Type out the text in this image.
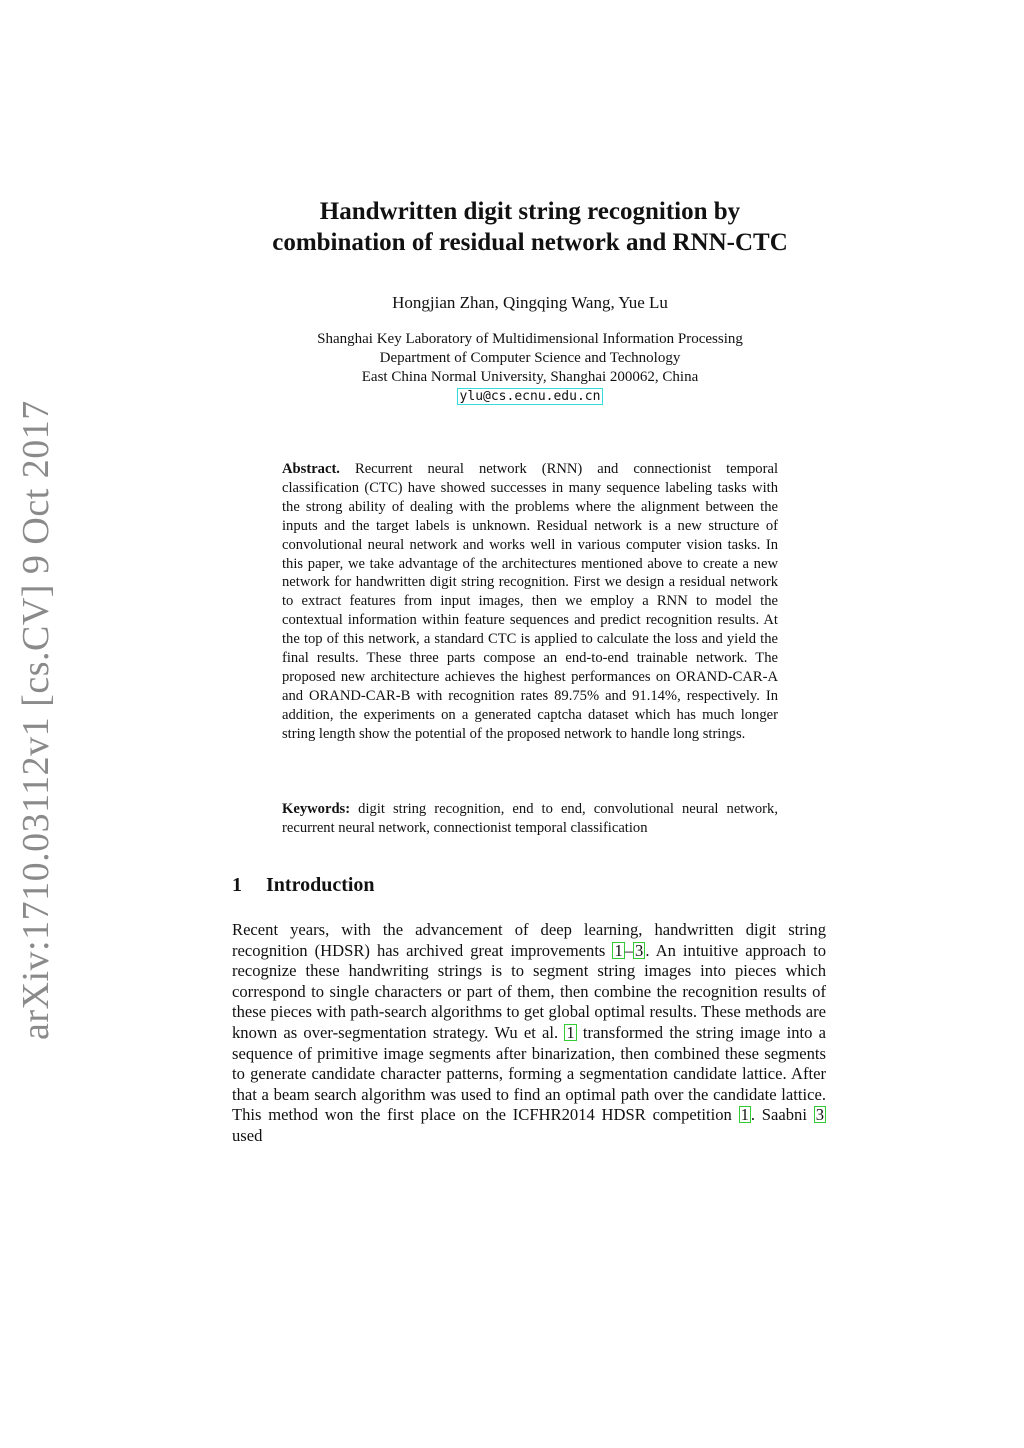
arXiv:1710.03112v1 [cs.CV] 9 Oct 2017
Handwritten digit string recognition by
combination of residual network and RNN-CTC
Hongjian Zhan, Qingqing Wang, Yue Lu
Shanghai Key Laboratory of Multidimensional Information Processing
Department of Computer Science and Technology
East China Normal University, Shanghai 200062, China
ylu@cs.ecnu.edu.cn

Abstract. Recurrent neural network (RNN) and connectionist temporal classification (CTC) have showed successes in many sequence labeling tasks with the strong ability of dealing with the problems where the alignment between the inputs and the target labels is unknown. Residual network is a new structure of convolutional neural network and works well in various computer vision tasks. In this paper, we take advantage of the architectures mentioned above to create a new network for handwritten digit string recognition. First we design a residual network to extract features from input images, then we employ a RNN to model the contextual information within feature sequences and predict recognition results. At the top of this network, a standard CTC is applied to calculate the loss and yield the final results. These three parts compose an end-to-end trainable network. The proposed new architecture achieves the highest performances on ORAND-CAR-A and ORAND-CAR-B with recognition rates 89.75% and 91.14%, respectively. In addition, the experiments on a generated captcha dataset which has much longer string length show the potential of the proposed network to handle long strings.

Keywords: digit string recognition, end to end, convolutional neural network, recurrent neural network, connectionist temporal classification

1 Introduction

Recent years, with the advancement of deep learning, handwritten digit string recognition (HDSR) has archived great improvements 1 – 3 . An intuitive approach to recognize these handwriting strings is to segment string images into pieces which correspond to single characters or part of them, then combine the recognition results of these pieces with path-search algorithms to get global optimal results. These methods are known as over-segmentation strategy. Wu et al. 1 transformed the string image into a sequence of primitive image segments after binarization, then combined these segments to generate candidate character patterns, forming a segmentation candidate lattice. After that a beam search algorithm was used to find an optimal path over the candidate lattice. This method won the first place on the ICFHR2014 HDSR competition 1 . Saabni 3 used
